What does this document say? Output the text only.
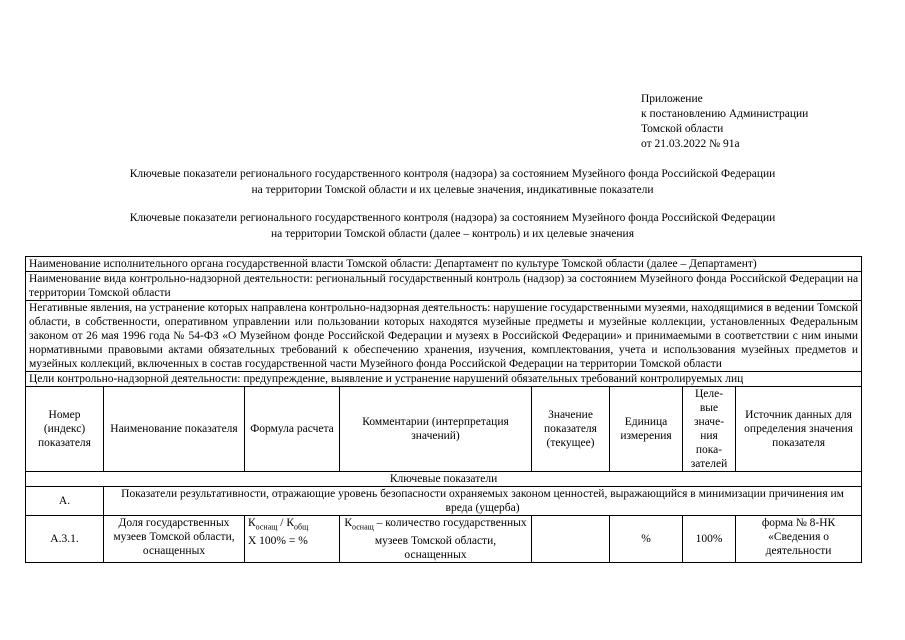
Приложение
к постановлению Администрации
Томской области
от 21.03.2022 № 91а
Ключевые показатели регионального государственного контроля (надзора) за состоянием Музейного фонда Российской Федерации
на территории Томской области и их целевые значения, индикативные показатели
Ключевые показатели регионального государственного контроля (надзора) за состоянием Музейного фонда Российской Федерации
на территории Томской области (далее – контроль) и их целевые значения
Наименование исполнительного органа государственной власти Томской области: Департамент по культуре Томской области (далее – Департамент)							
Наименование вида контрольно-надзорной деятельности: региональный государственный контроль (надзор) за состоянием Музейного фонда Российской Федерации на территории Томской области							
Негативные явления, на устранение которых направлена контрольно-надзорная деятельность: нарушение государственными музеями, находящимися в ведении Томской области, в собственности, оперативном управлении или пользовании которых находятся музейные предметы и музейные коллекции, установленных Федеральным законом от 26 мая 1996 года № 54-ФЗ «О Музейном фонде Российской Федерации и музеях в Российской Федерации» и принимаемыми в соответствии с ним иными нормативными правовыми актами обязательных требований к обеспечению хранения, изучения, комплектования, учета и использования музейных предметов и музейных коллекций, включенных в состав государственной части Музейного фонда Российской Федерации на территории Томской области							
Цели контрольно-надзорной деятельности: предупреждение, выявление и устранение нарушений обязательных требований контролируемых лиц							
Номер (индекс) показателя	Наименование показателя	Формула расчета	Комментарии (интерпретация значений)	Значение показателя (текущее)	Единица измерения	Целе-вые значе-ния пока-зателей	Источник данных для определения значения показателя
Ключевые показатели							
А.	Показатели результативности, отражающие уровень безопасности охраняемых законом ценностей, выражающийся в минимизации причинения им вреда (ущерба)						
А.3.1.	Доля государственных музеев Томской области, оснащенных	$К_{оснащ} / К_{общ}$
Х 100% = %	$К_{оснащ}$ – количество государственных музеев Томской области, оснащенных		%	100%	форма № 8-НК «Сведения о деятельности
